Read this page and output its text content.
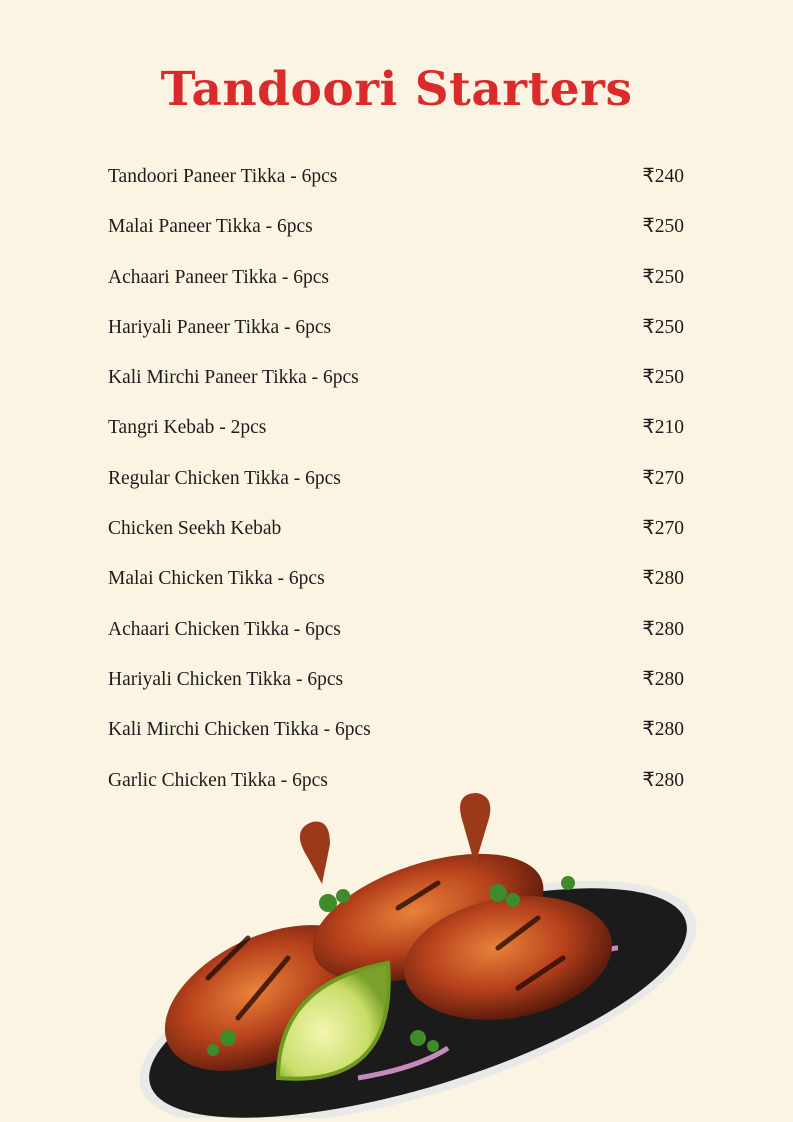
Tandoori Starters
Tandoori Paneer Tikka - 6pcs	₹240
Malai Paneer Tikka - 6pcs	₹250
Achaari Paneer Tikka - 6pcs	₹250
Hariyali Paneer Tikka - 6pcs	₹250
Kali Mirchi Paneer Tikka - 6pcs	₹250
Tangri Kebab - 2pcs	₹210
Regular Chicken Tikka - 6pcs	₹270
Chicken Seekh Kebab	₹270
Malai Chicken Tikka - 6pcs	₹280
Achaari Chicken Tikka - 6pcs	₹280
Hariyali Chicken Tikka - 6pcs	₹280
Kali Mirchi Chicken Tikka - 6pcs	₹280
Garlic Chicken Tikka - 6pcs	₹280
